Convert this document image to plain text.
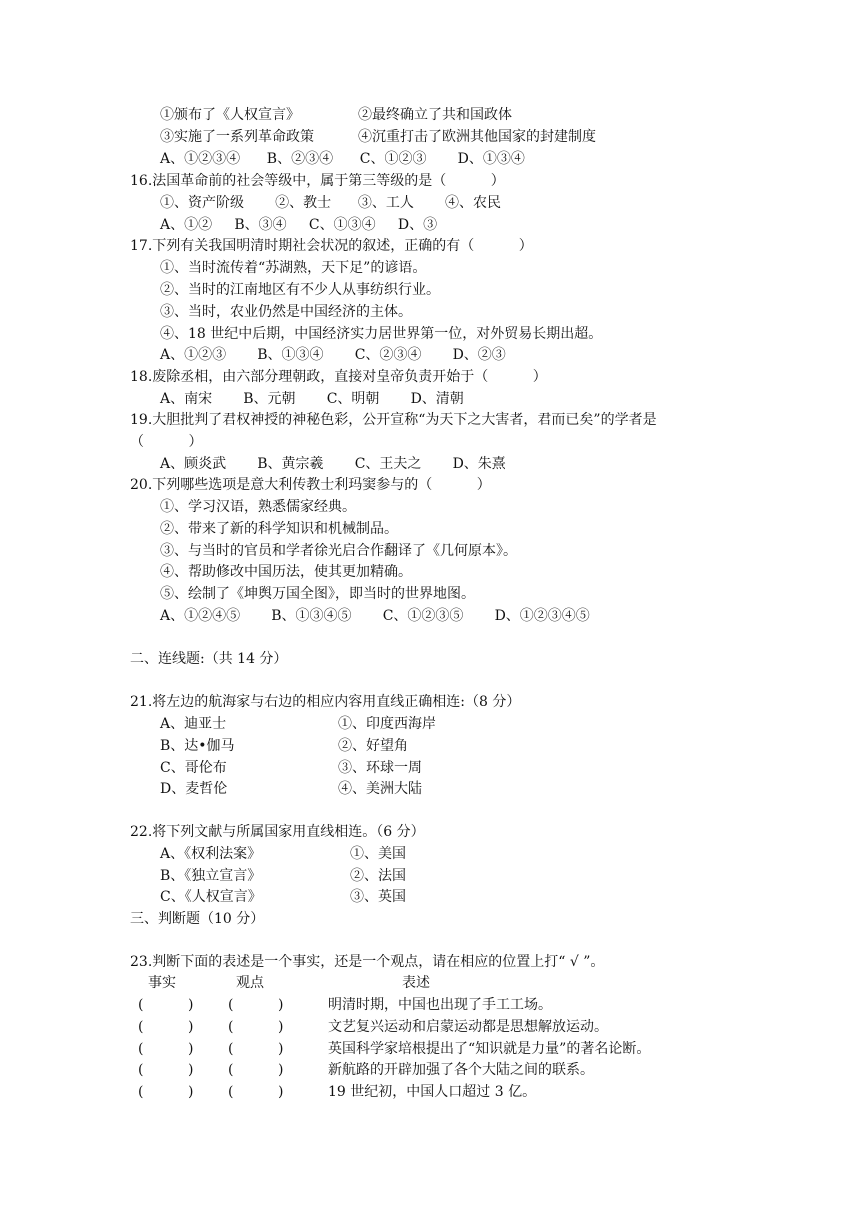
①颁布了《人权宣言》	②最终确立了共和国政体
③实施了一系列革命政策	④沉重打击了欧洲其他国家的封建制度
A、①②③④      B、②③④      C、①②③       D、①③④
16.法国革命前的社会等级中，属于第三等级的是（          ）
①、资产阶级       ②、教士      ③、工人       ④、农民
A、①②     B、③④     C、①③④     D、③
17.下列有关我国明清时期社会状况的叙述，正确的有（          ）
①、当时流传着“苏湖熟，天下足”的谚语。
②、当时的江南地区有不少人从事纺织行业。
③、当时，农业仍然是中国经济的主体。
④、18 世纪中后期，中国经济实力居世界第一位，对外贸易长期出超。
A、①②③       B、①③④       C、②③④       D、②③
18.废除丞相，由六部分理朝政，直接对皇帝负责开始于（          ）
A、南宋       B、元朝       C、明朝       D、清朝
19.大胆批判了君权神授的神秘色彩，公开宣称“为天下之大害者，君而已矣”的学者是
（          ）
A、顾炎武       B、黄宗羲       C、王夫之       D、朱熹
20.下列哪些选项是意大利传教士利玛窦参与的（          ）
①、学习汉语，熟悉儒家经典。
②、带来了新的科学知识和机械制品。
③、与当时的官员和学者徐光启合作翻译了《几何原本》。
④、帮助修改中国历法，使其更加精确。
⑤、绘制了《坤舆万国全图》，即当时的世界地图。
A、①②④⑤       B、①③④⑤       C、①②③⑤       D、①②③④⑤
二、连线题:（共 14 分）
21.将左边的航海家与右边的相应内容用直线正确相连:（8 分）
A、迪亚士	①、印度西海岸
B、达•伽马	②、好望角
C、哥伦布	③、环球一周
D、麦哲伦	④、美洲大陆
22.将下列文献与所属国家用直线相连。（6 分）
A、《权利法案》	①、美国
B、《独立宣言》	②、法国
C、《人权宣言》	③、英国
三、判断题（10 分）
23.判断下面的表述是一个事实，还是一个观点，请在相应的位置上打“ √ ”。
事实	观点	表述
(          ) (          )	明清时期，中国也出现了手工工场。
(          ) (          )	文艺复兴运动和启蒙运动都是思想解放运动。
(          ) (          )	英国科学家培根提出了“知识就是力量”的著名论断。
(          ) (          )	新航路的开辟加强了各个大陆之间的联系。
(          ) (          )	19 世纪初，中国人口超过 3 亿。
